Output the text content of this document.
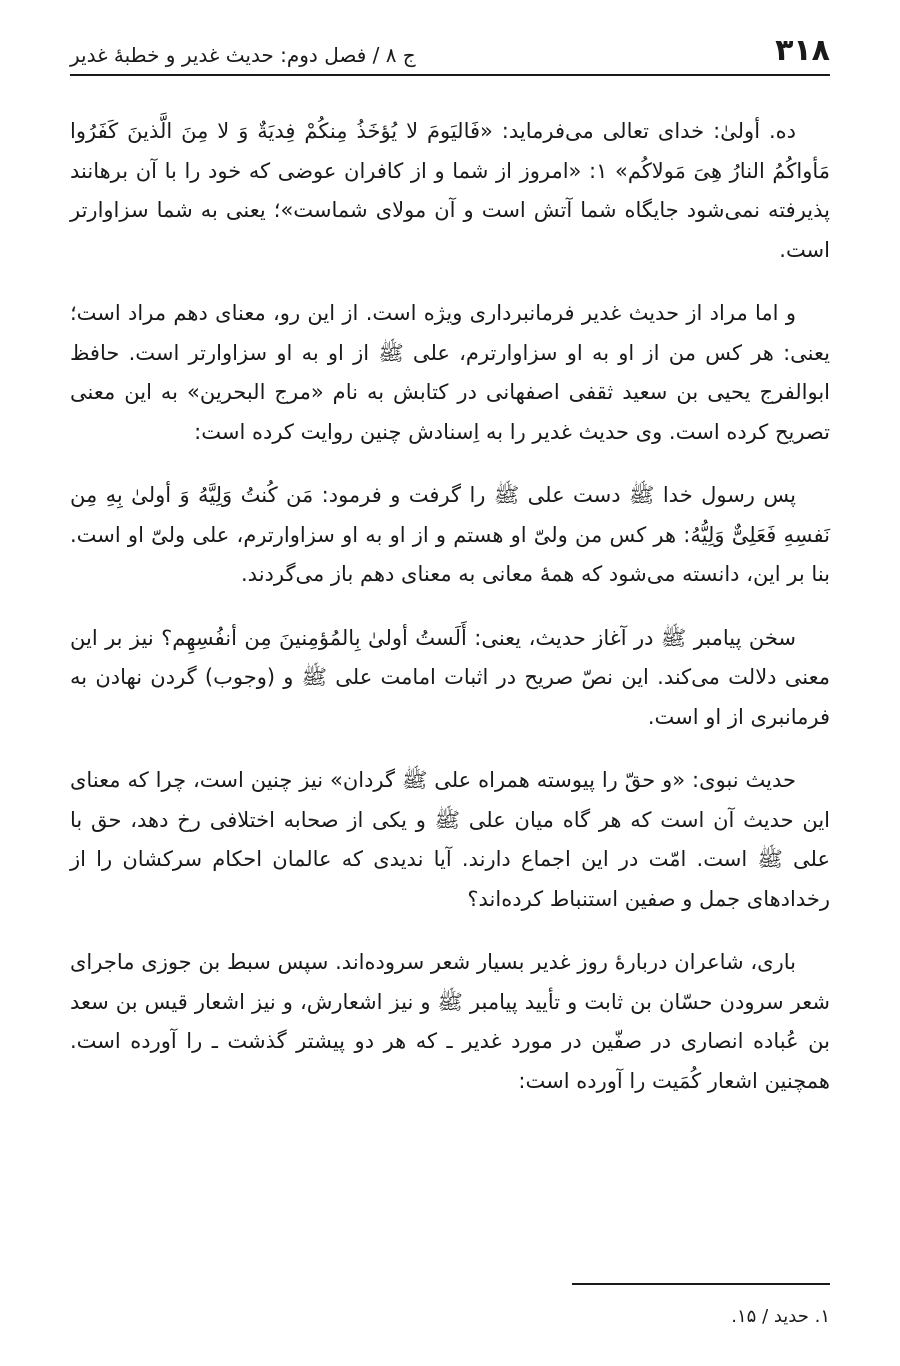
۳۱۸
ج ۸ / فصل دوم: حدیث غدیر و خطبهٔ غدیر

ده. أولیٰ: خدای تعالی می‌فرماید: «فَالیَومَ لا یُؤخَذُ مِنکُمْ فِدیَةٌ وَ لا مِنَ الَّذینَ کَفَرُوا مَأواکُمُ النارُ هِیَ مَولاکُم» ۱: «امروز از شما و از کافران عوضی که خود را با آن برهانند پذیرفته نمی‌شود جایگاه شما آتش است و آن مولای شماست»؛ یعنی به شما سزاوارتر است.

و اما مراد از حدیث غدیر فرمانبرداری ویژه است. از این رو، معنای دهم مراد است؛ یعنی: هر کس من از او به او سزاوارترم، علی ﷺ از او به او سزاوارتر است. حافظ ابوالفرج یحیی بن سعید ثقفی اصفهانی در کتابش به نام «مرج البحرین» به این معنی تصریح کرده است. وی حدیث غدیر را به اِسنادش چنین روایت کرده است:

پس رسول خدا ﷺ دست علی ﷺ را گرفت و فرمود: مَن کُنتُ وَلِیَّهُ وَ أولیٰ بِهِ مِن نَفسِهِ فَعَلِیٌّ وَلِیُّهُ: هر کس من ولیّ او هستم و از او به او سزاوارترم، علی ولیّ او است. بنا بر این، دانسته می‌شود که همهٔ معانی به معنای دهم باز می‌گردند.

سخن پیامبر ﷺ در آغاز حدیث، یعنی: أَلَستُ أولیٰ بِالمُؤمِنینَ مِن أنفُسِهِم؟ نیز بر این معنی دلالت می‌کند. این نصّ صریح در اثبات امامت علی ﷺ و (وجوب) گردن نهادن به فرمانبری از او است.

حدیث نبوی: «و حقّ را پیوسته همراه علی ﷺ گردان» نیز چنین است، چرا که معنای این حدیث آن است که هر گاه میان علی ﷺ و یکی از صحابه اختلافی رخ دهد، حق با علی ﷺ است. امّت در این اجماع دارند. آیا ندیدی که عالمان احکام سرکشان را از رخدادهای جمل و صفین استنباط کرده‌اند؟

باری، شاعران دربارهٔ روز غدیر بسیار شعر سروده‌اند. سپس سبط بن جوزی ماجرای شعر سرودن حسّان بن ثابت و تأیید پیامبر ﷺ و نیز اشعارش، و نیز اشعار قیس بن سعد بن عُباده انصاری در صفّین در مورد غدیر ـ که هر دو پیشتر گذشت ـ را آورده است. همچنین اشعار کُمَیت را آورده است:

۱. حدید / ۱۵.
